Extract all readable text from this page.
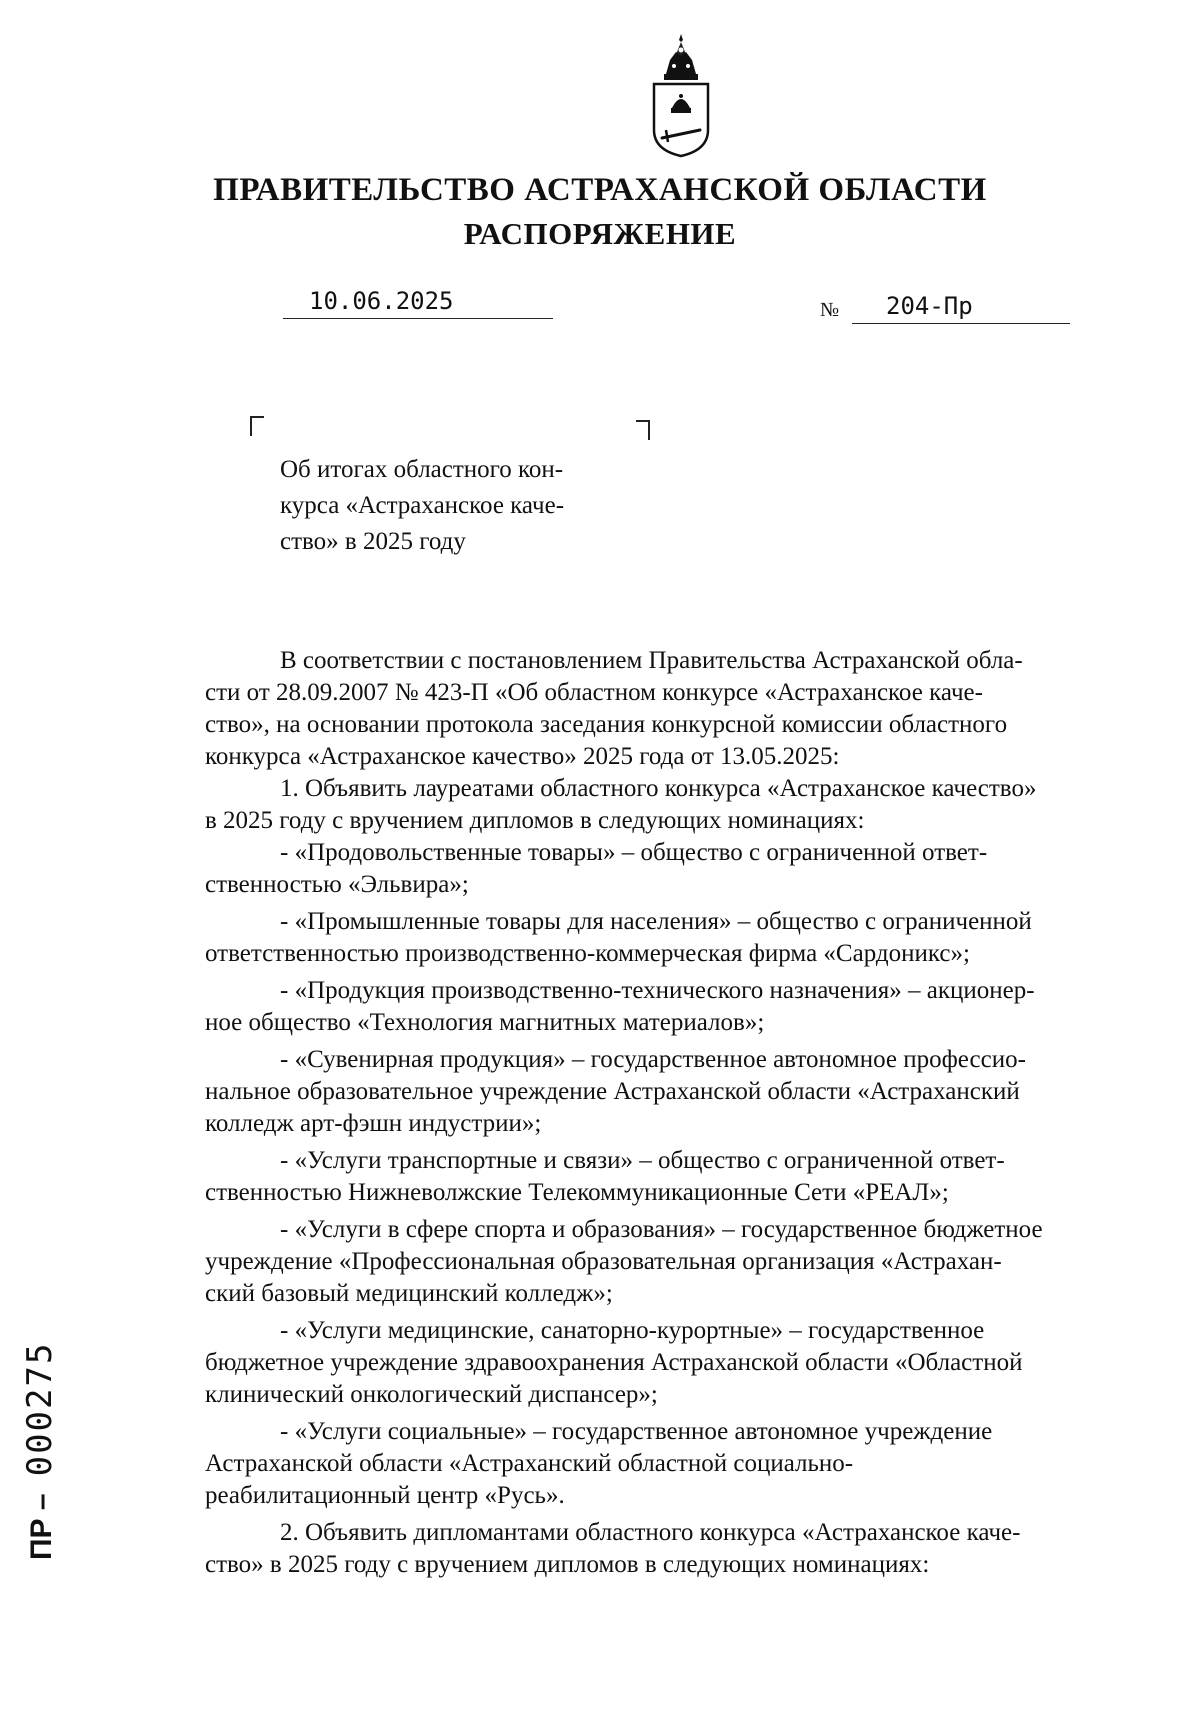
ПРАВИТЕЛЬСТВО АСТРАХАНСКОЙ ОБЛАСТИ
РАСПОРЯЖЕНИЕ
10.06.2025	№	204-Пр
Об итогах областного кон-
курса «Астраханское каче-
ство» в 2025 году

В соответствии с постановлением Правительства Астраханской обла-

сти от 28.09.2007 № 423-П «Об областном конкурсе «Астраханское каче-

ство», на основании протокола заседания конкурсной комиссии областного

конкурса «Астраханское качество» 2025 года от 13.05.2025:

1. Объявить лауреатами областного конкурса «Астраханское качество»

в 2025 году с вручением дипломов в следующих номинациях:

- «Продовольственные товары» – общество с ограниченной ответ-

ственностью «Эльвира»;

- «Промышленные товары для населения» – общество с ограниченной

ответственностью производственно-коммерческая фирма «Сардоникс»;

- «Продукция производственно-технического назначения» – акционер-

ное общество «Технология магнитных материалов»;

- «Сувенирная продукция» – государственное автономное профессио-

нальное образовательное учреждение Астраханской области «Астраханский

колледж арт-фэшн индустрии»;

- «Услуги транспортные и связи» – общество с ограниченной ответ-

ственностью Нижневолжские Телекоммуникационные Сети «РЕАЛ»;

- «Услуги в сфере спорта и образования» – государственное бюджетное

учреждение «Профессиональная образовательная организация «Астрахан-

ский базовый медицинский колледж»;

- «Услуги медицинские, санаторно-курортные» – государственное

бюджетное учреждение здравоохранения Астраханской области «Областной

клинический онкологический диспансер»;

- «Услуги социальные» – государственное автономное учреждение

Астраханской области «Астраханский областной социально-

реабилитационный центр «Русь».

2. Объявить дипломантами областного конкурса «Астраханское каче-

ство» в 2025 году с вручением дипломов в следующих номинациях:

ПР –  000275
